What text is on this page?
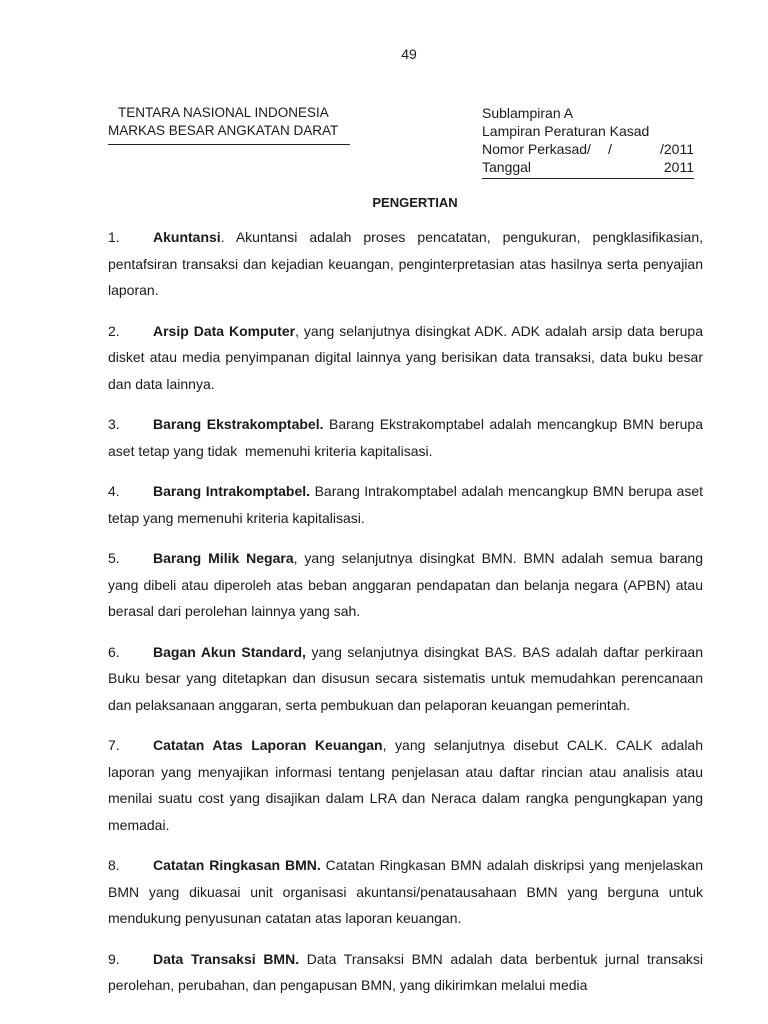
49
TENTARA NASIONAL INDONESIA
MARKAS BESAR ANGKATAN DARAT
Sublampiran A
Lampiran Peraturan Kasad
Nomor Perkasad/	/	/2011
Tanggal	2011
PENGERTIAN

1. Akuntansi. Akuntansi adalah proses pencatatan, pengukuran, pengklasifikasian, pentafsiran transaksi dan kejadian keuangan, penginterpretasian atas hasilnya serta penyajian laporan.

2. Arsip Data Komputer, yang selanjutnya disingkat ADK. ADK adalah arsip data berupa disket atau media penyimpanan digital lainnya yang berisikan data transaksi, data buku besar dan data lainnya.

3. Barang Ekstrakomptabel. Barang Ekstrakomptabel adalah mencangkup BMN berupa aset tetap yang tidak  memenuhi kriteria kapitalisasi.

4. Barang Intrakomptabel. Barang Intrakomptabel adalah mencangkup BMN berupa aset tetap yang memenuhi kriteria kapitalisasi.

5. Barang Milik Negara, yang selanjutnya disingkat BMN. BMN adalah semua barang yang dibeli atau diperoleh atas beban anggaran pendapatan dan belanja negara (APBN) atau berasal dari perolehan lainnya yang sah.

6. Bagan Akun Standard, yang selanjutnya disingkat BAS. BAS adalah daftar perkiraan Buku besar yang ditetapkan dan disusun secara sistematis untuk memudahkan perencanaan dan pelaksanaan anggaran, serta pembukuan dan pelaporan keuangan pemerintah.

7. Catatan Atas Laporan Keuangan, yang selanjutnya disebut CALK. CALK adalah laporan yang menyajikan informasi tentang penjelasan atau daftar rincian atau analisis atau menilai suatu cost yang disajikan dalam LRA dan Neraca dalam rangka pengungkapan yang memadai.

8. Catatan Ringkasan BMN. Catatan Ringkasan BMN adalah diskripsi yang menjelaskan BMN yang dikuasai unit organisasi akuntansi/penatausahaan BMN yang berguna untuk mendukung penyusunan catatan atas laporan keuangan.

9. Data Transaksi BMN. Data Transaksi BMN adalah data berbentuk jurnal transaksi perolehan, perubahan, dan pengapusan BMN, yang dikirimkan melalui media
